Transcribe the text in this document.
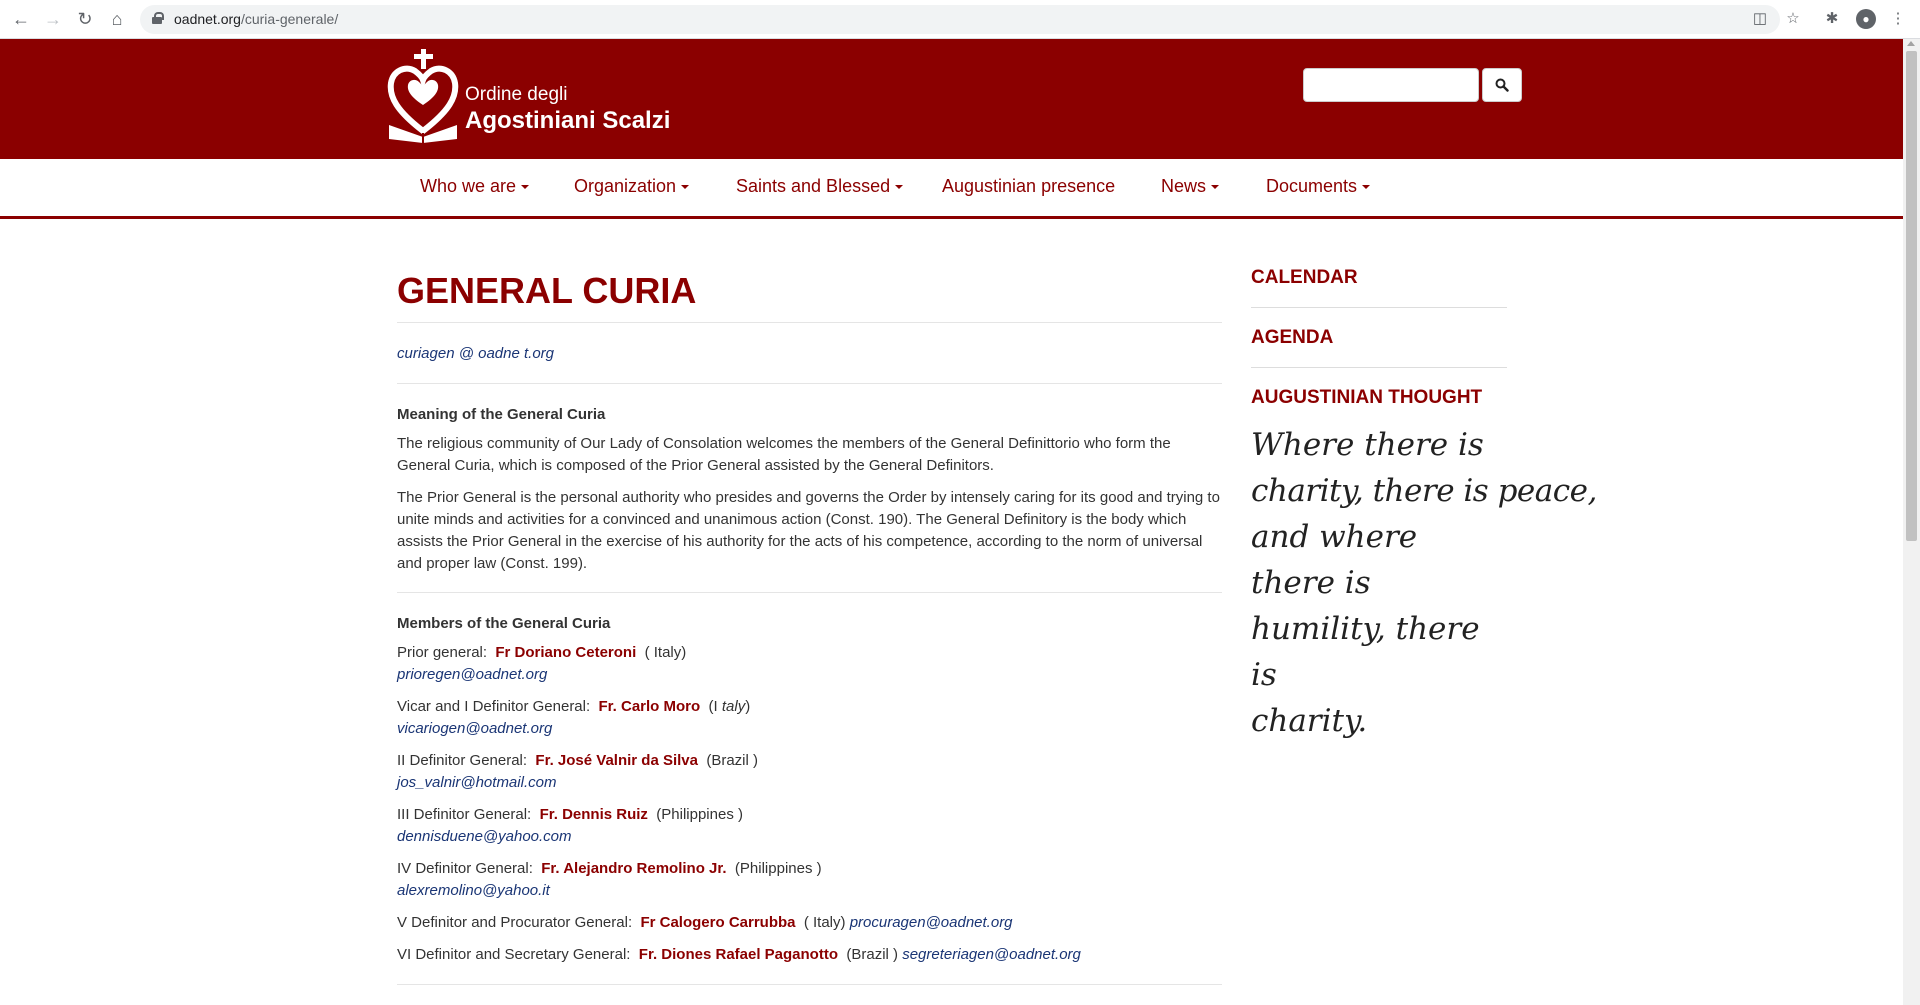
← → ↻	⌂	oadnet.org/curia-generale/	◫ ☆ ✱	●	⋮
Ordine degli
Agostiniani Scalzi
Who we are	Organization	Saints and Blessed	Augustinian presence	News	Documents
GENERAL CURIA
curiagen @ oadne t.org
Meaning of the General Curia

The religious community of Our Lady of Consolation welcomes the members of the General Definittorio who form the General Curia, which is composed of the Prior General assisted by the General Definitors.

The Prior General is the personal authority who presides and governs the Order by intensely caring for its good and trying to unite minds and activities for a convinced and unanimous action (Const. 190). The General Definitory is the body which assists the Prior General in the exercise of his authority for the acts of his competence, according to the norm of universal and proper law (Const. 199).

Members of the General Curia
Prior general: Fr Doriano Ceteroni ( Italy)
prioregen@oadnet.org
Vicar and I Definitor General: Fr. Carlo Moro (I taly)
vicariogen@oadnet.org
II Definitor General: Fr. José Valnir da Silva (Brazil )
jos_valnir@hotmail.com
III Definitor General: Fr. Dennis Ruiz (Philippines )
dennisduene@yahoo.com
IV Definitor General: Fr. Alejandro Remolino Jr. (Philippines )
alexremolino@yahoo.it
V Definitor and Procurator General: Fr Calogero Carrubba ( Italy) procuragen@oadnet.org
VI Definitor and Secretary General: Fr. Diones Rafael Paganotto (Brazil ) segreteriagen@oadnet.org
CALENDAR
AGENDA
AUGUSTINIAN THOUGHT
Where there is
charity, there is peace,
and where there is
humility, there is
charity.
